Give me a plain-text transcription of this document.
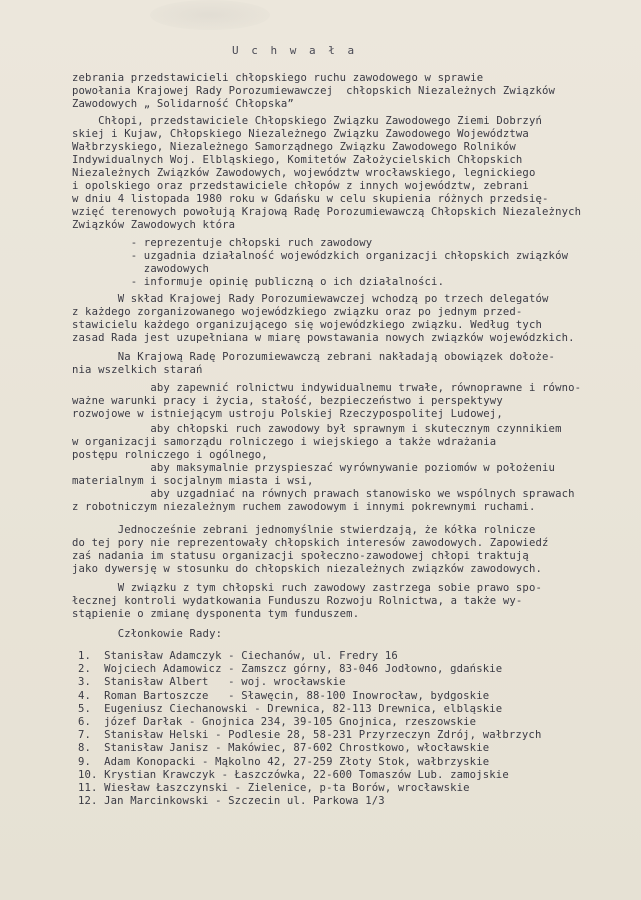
U c h w a ł a
zebrania przedstawicieli chłopskiego ruchu zawodowego w sprawie
powołania Krajowej Rady Porozumiewawczej  chłopskich Niezależnych Związków
Zawodowych „ Solidarność Chłopska”
Chłopi, przedstawiciele Chłopskiego Związku Zawodowego Ziemi Dobrzyń
skiej i Kujaw, Chłopskiego Niezależnego Związku Zawodowego Województwa
Wałbrzyskiego, Niezależnego Samorządnego Związku Zawodowego Rolników
Indywidualnych Woj. Elbląskiego, Komitetów Założycielskich Chłopskich
Niezależnych Związków Zawodowych, województw wrocławskiego, legnickiego
i opolskiego oraz przedstawiciele chłopów z innych województw, zebrani
w dniu 4 listopada 1980 roku w Gdańsku w celu skupienia różnych przedsię-
wzięć terenowych powołują Krajową Radę Porozumiewawczą Chłopskich Niezależnych
Związków Zawodowych która
- reprezentuje chłopski ruch zawodowy
- uzgadnia działalność wojewódzkich organizacji chłopskich związków
zawodowych
- informuje opinię publiczną o ich działalności.
W skład Krajowej Rady Porozumiewawczej wchodzą po trzech delegatów
z każdego zorganizowanego wojewódzkiego związku oraz po jednym przed-
stawicielu każdego organizującego się wojewódzkiego związku. Według tych
zasad Rada jest uzupełniana w miarę powstawania nowych związków wojewódzkich.
Na Krajową Radę Porozumiewawczą zebrani nakładają obowiązek dołoże-
nia wszelkich starań
aby zapewnić rolnictwu indywidualnemu trwałe, równoprawne i równo-
ważne warunki pracy i życia, stałość, bezpieczeństwo i perspektywy
rozwojowe w istniejącym ustroju Polskiej Rzeczypospolitej Ludowej,
aby chłopski ruch zawodowy był sprawnym i skutecznym czynnikiem
w organizacji samorządu rolniczego i wiejskiego a także wdrażania
postępu rolniczego i ogólnego,
aby maksymalnie przyspieszać wyrównywanie poziomów w położeniu
materialnym i socjalnym miasta i wsi,
aby uzgadniać na równych prawach stanowisko we wspólnych sprawach
z robotniczym niezależnym ruchem zawodowym i innymi pokrewnymi ruchami.
Jednocześnie zebrani jednomyślnie stwierdzają, że kółka rolnicze
do tej pory nie reprezentowały chłopskich interesów zawodowych. Zapowiedź
zaś nadania im statusu organizacji społeczno-zawodowej chłopi traktują
jako dywersję w stosunku do chłopskich niezależnych związków zawodowych.
W związku z tym chłopski ruch zawodowy zastrzega sobie prawo spo-
łecznej kontroli wydatkowania Funduszu Rozwoju Rolnictwa, a także wy-
stąpienie o zmianę dysponenta tym funduszem.
Członkowie Rady:
1.  Stanisław Adamczyk - Ciechanów, ul. Fredry 16
2.  Wojciech Adamowicz - Zamszcz górny, 83-046 Jodłowno, gdańskie
3.  Stanisław Albert   - woj. wrocławskie
4.  Roman Bartoszcze   - Sławęcin, 88-100 Inowrocław, bydgoskie
5.  Eugeniusz Ciechanowski - Drewnica, 82-113 Drewnica, elbląskie
6.  józef Darłak - Gnojnica 234, 39-105 Gnojnica, rzeszowskie
7.  Stanisław Helski - Podlesie 28, 58-231 Przyrzeczyn Zdrój, wałbrzych
8.  Stanisław Janisz - Makówiec, 87-602 Chrostkowo, włocławskie
9.  Adam Konopacki - Mąkolno 42, 27-259 Złoty Stok, wałbrzyskie
10. Krystian Krawczyk - Łaszczówka, 22-600 Tomaszów Lub. zamojskie
11. Wiesław Łaszczynski - Zielenice, p-ta Borów, wrocławskie
12. Jan Marcinkowski - Szczecin ul. Parkowa 1/3
